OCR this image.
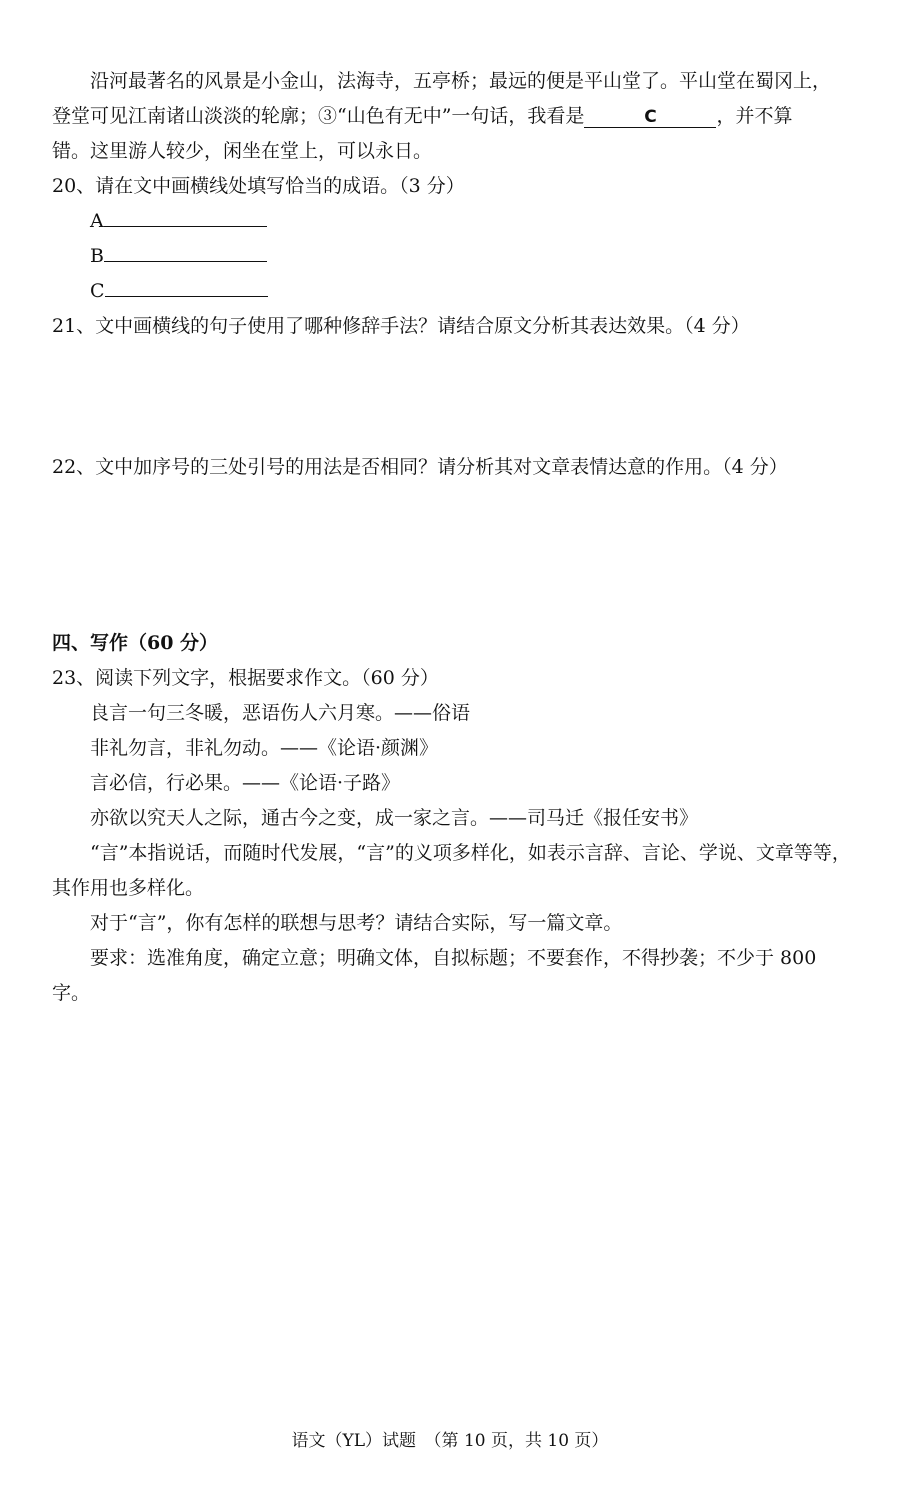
沿河最著名的风景是小金山，法海寺，五亭桥；最远的便是平山堂了。平山堂在蜀冈上，

登堂可见江南诸山淡淡的轮廓；③“山色有无中”一句话，我看是	C	，并不算

错。这里游人较少，闲坐在堂上，可以永日。

20、请在文中画横线处填写恰当的成语。（3 分）

A

B

C

21、文中画横线的句子使用了哪种修辞手法？请结合原文分析其表达效果。（4 分）

22、文中加序号的三处引号的用法是否相同？请分析其对文章表情达意的作用。（4 分）

四、写作（60 分）

23、阅读下列文字，根据要求作文。（60 分）

良言一句三冬暖，恶语伤人六月寒。——俗语

非礼勿言，非礼勿动。——《论语·颜渊》

言必信，行必果。——《论语·子路》

亦欲以究天人之际，通古今之变，成一家之言。——司马迁《报任安书》

“言”本指说话，而随时代发展，“言”的义项多样化，如表示言辞、言论、学说、文章等等，其作用也多样化。

对于“言”，你有怎样的联想与思考？请结合实际，写一篇文章。

要求：选准角度，确定立意；明确文体，自拟标题；不要套作，不得抄袭；不少于 800 字。

语文（YL）试题　（第 10 页，共 10 页）
